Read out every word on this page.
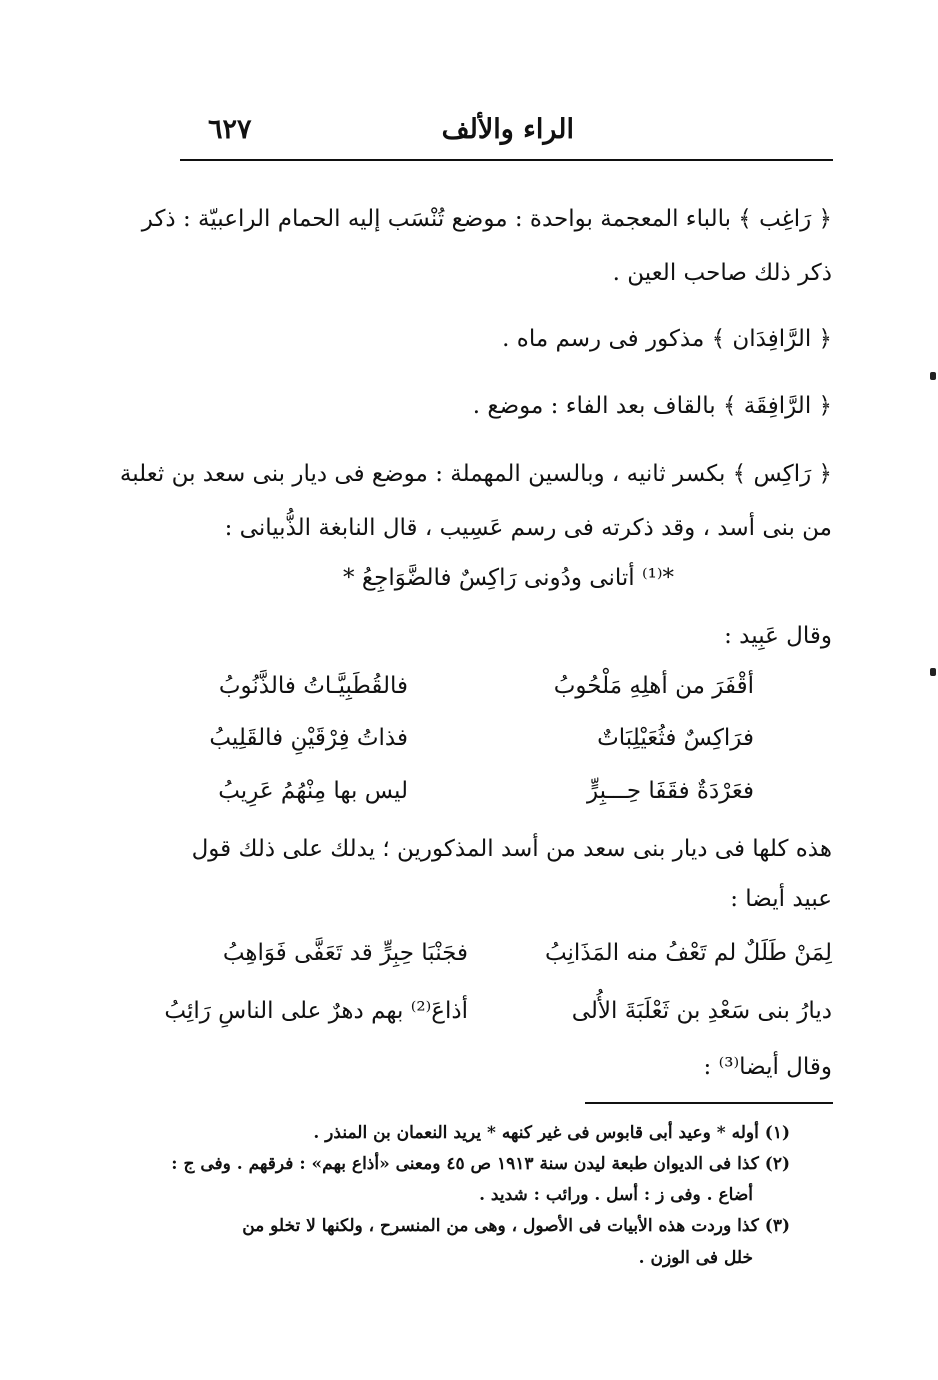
الراء والألف
٦٢٧
﴿ رَاغِب ﴾ بالباء المعجمة بواحدة : موضع تُنْسَب إليه الحمام الراعبيّة : ذكر
ذكر ذلك صاحب العين .
﴿ الرَّافِدَان ﴾ مذكور فى رسم ماه .
﴿ الرَّافِقَة ﴾ بالقاف بعد الفاء : موضع .
﴿ رَاكِس ﴾ بكسر ثانيه ، وبالسين المهملة : موضع فى ديار بنى سعد بن ثعلبة
من بنى أسد ، وقد ذكرته فى رسم عَسِيب ، قال النابغة الذُّبيانى :
*⁽¹⁾ أتانى ودُونى رَاكِسٌ فالضَّوَاجِعُ *
وقال عَبِيد :
أقْفَرَ من أهلِهِ مَلْحُوبُ
فالقُطَبِيَّـاتُ فالذَّنُوبُ
فرَاكِسٌ فثُعَيْلِبَاتٌ
فذاتُ فِرْقَيْنِ فالقَلِيبُ
فعَرْدَةٌ فقَفَا حِـــبِرٍّ
ليس بها مِنْهُمُ عَرِيبُ
هذه كلها فى ديار بنى سعد من أسد المذكورين ؛ يدلك على ذلك قول
عبيد أيضا :
لِمَنْ طَلَلٌ لم تَعْفُ منه المَذَانِبُ
فجَنْبَا حِبِرٍّ قد تَعَفَّى فَوَاهِبُ
ديارُ بنى سَعْدِ بن ثَعْلَبَةَ الأُلى
أذاعَ⁽²⁾ بهم دهرٌ على الناسِ رَائِبُ
وقال أيضا⁽³⁾ :
(١) أوله * وعيد أبى قابوس فى غير كنهه * يريد النعمان بن المنذر .
(٢) كذا فى الديوان طبعة ليدن سنة ١٩١٣ ص ٤٥ ومعنى «أذاع بهم» : فرقهم . وفى ج :
أضاع . وفى ز : أسل . ورائب : شديد .
(٣) كذا وردت هذه الأبيات فى الأصول ، وهى من المنسرح ، ولكنها لا تخلو من
خلل فى الوزن .
